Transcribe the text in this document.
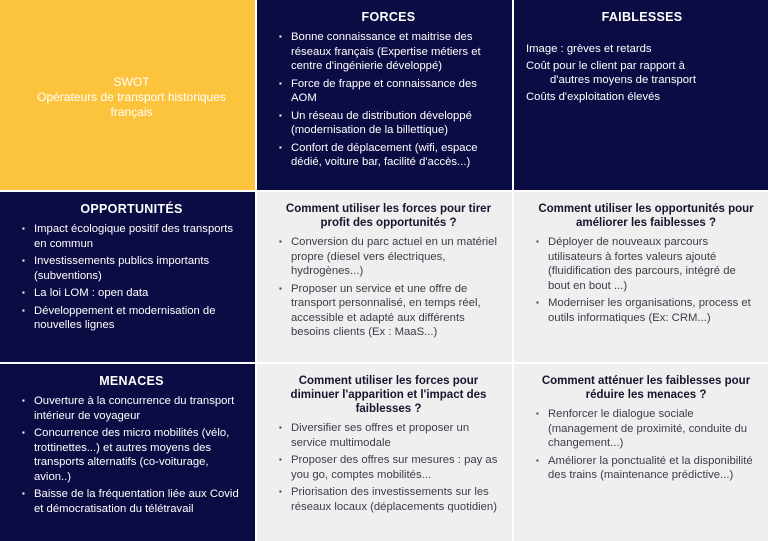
SWOT
Opérateurs de transport historiques
français
FORCES
▪ Bonne connaissance et maitrise des réseaux français (Expertise métiers et centre d'ingénierie développé)
▪ Force de frappe et connaissance des AOM
▪ Un réseau de distribution développé (modernisation de la billettique)
▪ Confort de déplacement (wifi, espace dédié, voiture bar, facilité d'accès...)
FAIBLESSES

Image : grèves et retards

Coût pour le client par rapport à

d'autres moyens de transport

Coûts d'exploitation élevés

OPPORTUNITÉS
▪ Impact écologique positif des transports en commun
▪ Investissements publics importants (subventions)
▪ La loi LOM : open data
▪ Développement et modernisation de nouvelles lignes
Comment utiliser les forces pour tirer profit des opportunités ?
▪ Conversion du parc actuel en un matériel propre (diesel vers électriques, hydrogènes...)
▪ Proposer un service et une offre de transport personnalisé, en temps réel, accessible et adapté aux différents besoins clients (Ex : MaaS...)
Comment utiliser les opportunités pour améliorer les faiblesses ?
▪ Déployer de nouveaux parcours utilisateurs à fortes valeurs ajouté (fluidification des parcours, intégré de bout en bout ...)
▪ Moderniser les organisations, process et outils informatiques (Ex: CRM...)
MENACES
▪ Ouverture à la concurrence du transport intérieur de voyageur
▪ Concurrence des micro mobilités (vélo, trottinettes...) et autres moyens des transports alternatifs (co-voiturage, avion..)
▪ Baisse de la fréquentation liée aux Covid et démocratisation du télétravail
Comment utiliser les forces pour diminuer l'apparition et l'impact des faiblesses ?
▪ Diversifier ses offres et proposer un service multimodale
▪ Proposer des offres sur mesures : pay as you go, comptes mobilités...
▪ Priorisation des investissements sur les réseaux locaux (déplacements quotidien)
Comment atténuer les faiblesses pour réduire les menaces ?
▪ Renforcer le dialogue sociale (management de proximité, conduite du changement...)
▪ Améliorer la ponctualité et la disponibilité des trains (maintenance prédictive...)
